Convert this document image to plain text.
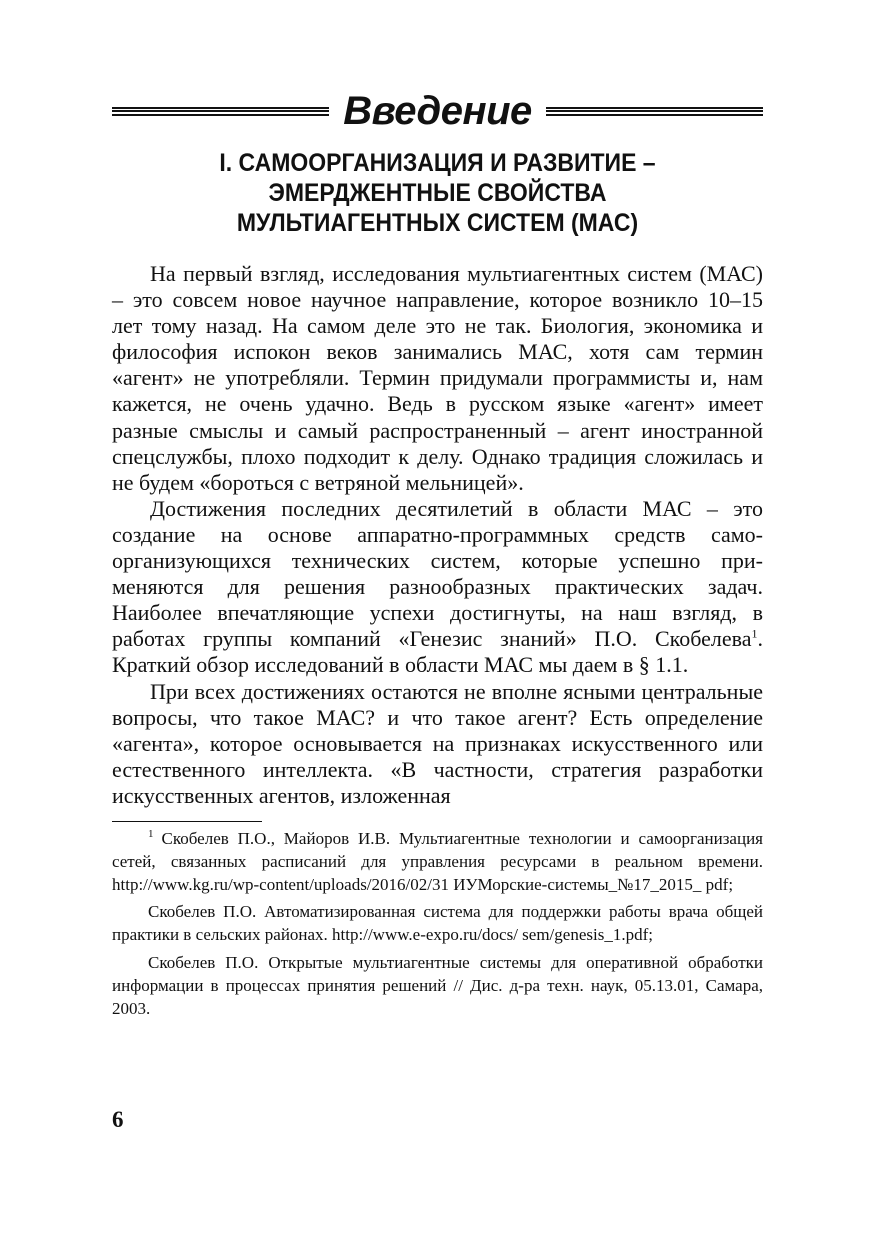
Введение
I. САМООРГАНИЗАЦИЯ И РАЗВИТИЕ –
ЭМЕРДЖЕНТНЫЕ СВОЙСТВА
МУЛЬТИАГЕНТНЫХ СИСТЕМ (МАС)

На первый взгляд, исследования мультиагентных систем (МАС) – это совсем новое научное направление, которое возникло 10–15 лет тому назад. На самом деле это не так. Биология, экономика и философия испокон веков занимались МАС, хотя сам термин «агент» не употребляли. Термин придумали программисты и, нам кажется, не очень удачно. Ведь в русском языке «агент» имеет разные смыслы и самый распространенный – агент иностранной спецслужбы, плохо подходит к делу. Однако традиция сложилась и не будем «бороться с ветряной мельницей».

Достижения последних десятилетий в области МАС – это создание на основе аппаратно-программных средств самоорганизующихся технических систем, которые успешно применяются для решения разнообразных практических задач. Наиболее впечатляющие успехи достигнуты, на наш взгляд, в работах группы компаний «Генезис знаний» П.О. Скобелева$^1$. Краткий обзор исследований в области МАС мы даем в § 1.1.

При всех достижениях остаются не вполне ясными центральные вопросы, что такое МАС? и что такое агент? Есть определение «агента», которое основывается на признаках искусственного или естественного интеллекта. «В частности, стратегия разработки искусственных агентов, изложенная

$^1$ Скобелев П.О., Майоров И.В. Мультиагентные технологии и самоорганизация сетей, связанных расписаний для управления ресурсами в реальном времени. http://www.kg.ru/wp-content/uploads/2016/02/31 ИУМорские-системы_№17_2015_ pdf;

Скобелев П.О. Автоматизированная система для поддержки работы врача общей практики в сельских районах. http://www.e-expo.ru/docs/ sem/genesis_1.pdf;

Скобелев П.О. Открытые мультиагентные системы для оперативной обработки информации в процессах принятия решений // Дис. д-ра техн. наук, 05.13.01, Самара, 2003.

6
